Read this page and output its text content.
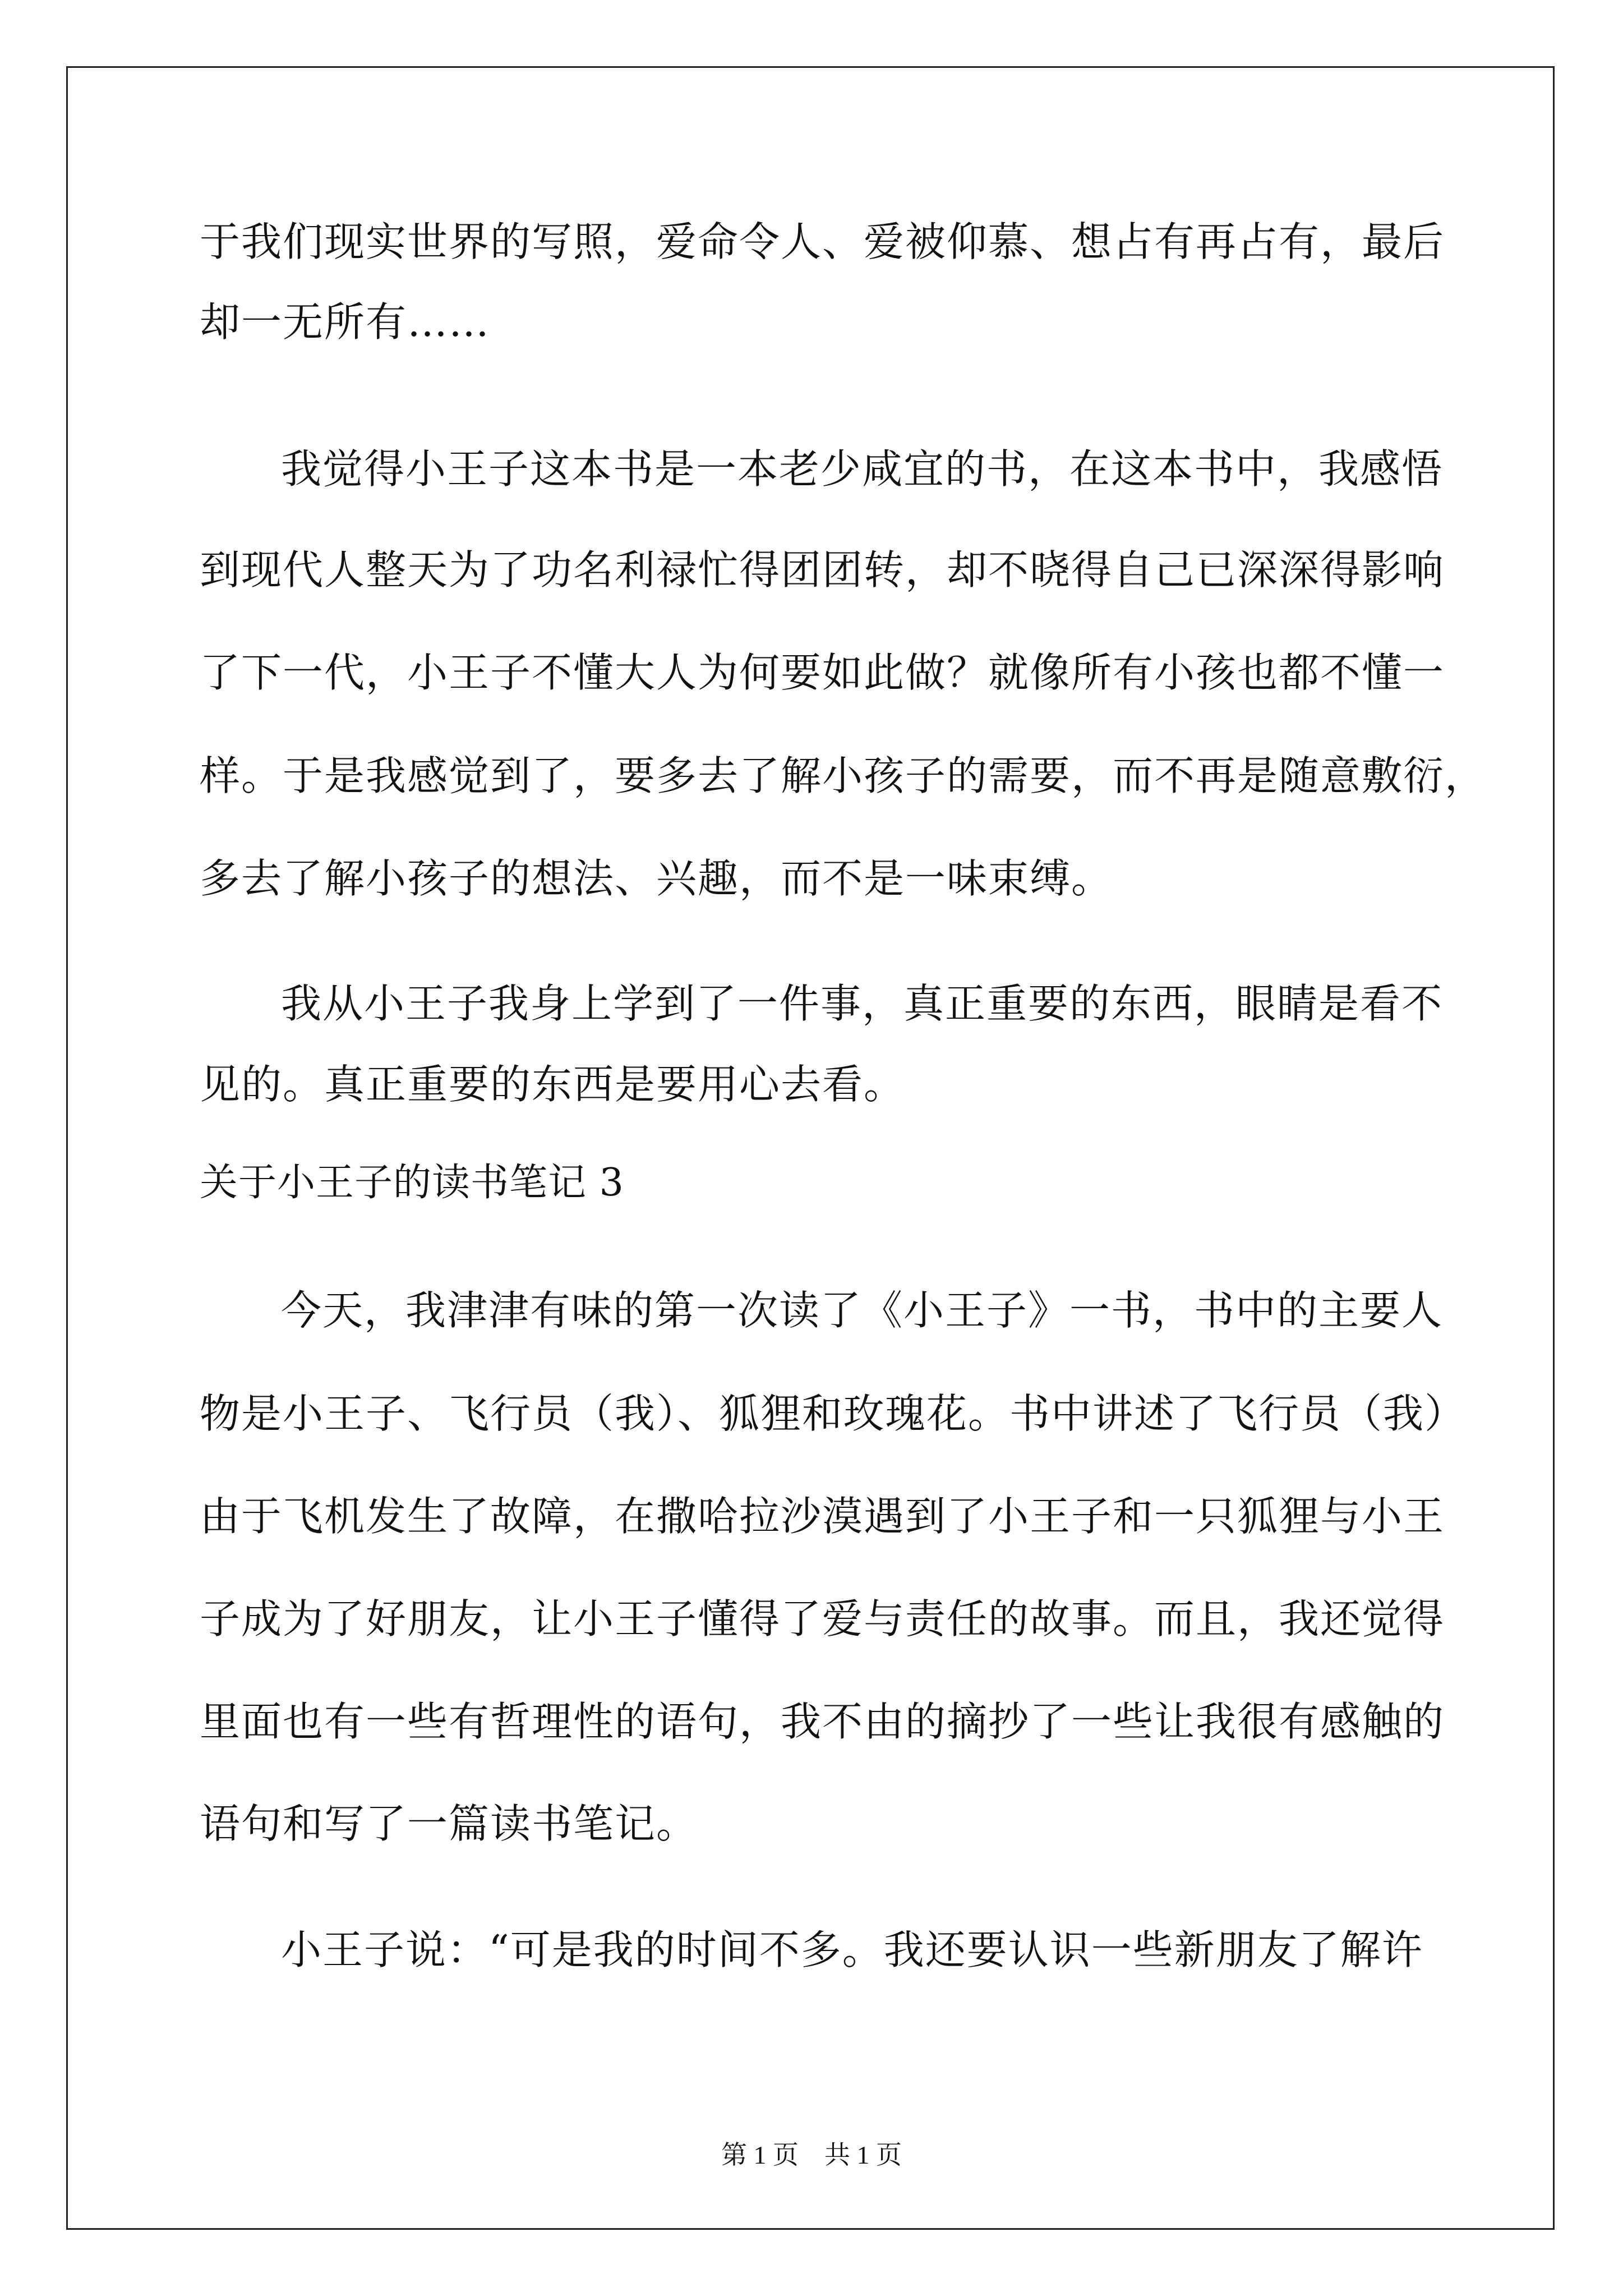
于我们现实世界的写照，爱命令人、爱被仰慕、想占有再占有，最后
却一无所有……
我觉得小王子这本书是一本老少咸宜的书，在这本书中，我感悟
到现代人整天为了功名利禄忙得团团转，却不晓得自己已深深得影响
了下一代，小王子不懂大人为何要如此做？就像所有小孩也都不懂一
样。于是我感觉到了，要多去了解小孩子的需要，而不再是随意敷衍，
多去了解小孩子的想法、兴趣，而不是一味束缚。
我从小王子我身上学到了一件事，真正重要的东西，眼睛是看不
见的。真正重要的东西是要用心去看。
关于小王子的读书笔记 3
今天，我津津有味的第一次读了《小王子》一书，书中的主要人
物是小王子、飞行员（我）、狐狸和玫瑰花。书中讲述了飞行员（我）
由于飞机发生了故障，在撒哈拉沙漠遇到了小王子和一只狐狸与小王
子成为了好朋友，让小王子懂得了爱与责任的故事。而且，我还觉得
里面也有一些有哲理性的语句，我不由的摘抄了一些让我很有感触的
语句和写了一篇读书笔记。
小王子说：“可是我的时间不多。我还要认识一些新朋友了解许
第 1 页    共 1 页
